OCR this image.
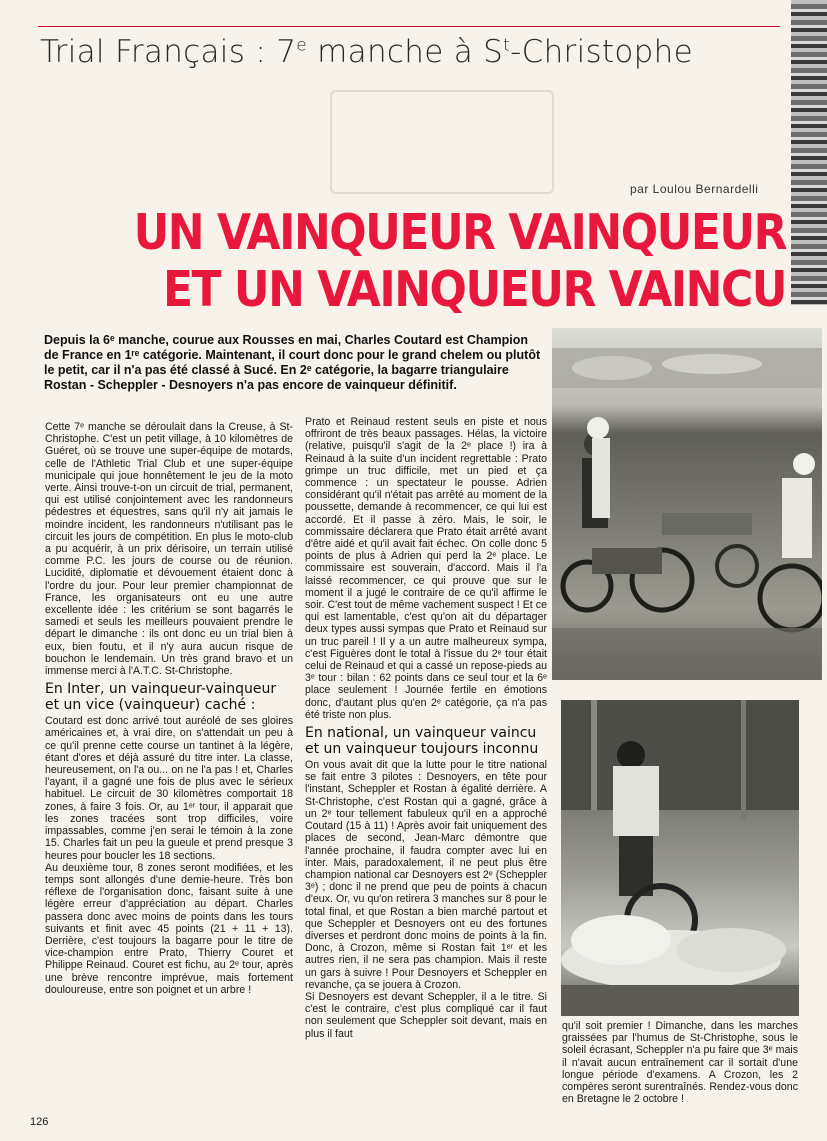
Trial Français : 7e manche à $S^t$-Christophe
par Loulou Bernardelli
UN VAINQUEUR VAINQUEUR
ET UN VAINQUEUR VAINCU
Depuis la 6ᵉ manche, courue aux Rousses en mai, Charles Coutard est Champion de France en 1ʳᵉ catégorie. Maintenant, il court donc pour le grand chelem ou plutôt le petit, car il n'a pas été classé à Sucé. En 2ᵉ catégorie, la bagarre triangulaire Rostan - Scheppler - Desnoyers n'a pas encore de vainqueur définitif.

Cette 7ᵉ manche se déroulait dans la Creuse, à St-Christophe. C'est un petit village, à 10 kilomètres de Guéret, où se trouve une super-équipe de motards, celle de l'Athletic Trial Club et une super-équipe municipale qui joue honnêtement le jeu de la moto verte. Ainsi trouve-t-on un circuit de trial, permanent, qui est utilisé conjointement avec les randonneurs pédestres et équestres, sans qu'il n'y ait jamais le moindre incident, les randonneurs n'utilisant pas le circuit les jours de compétition. En plus le moto-club a pu acquérir, à un prix dérisoire, un terrain utilisé comme P.C. les jours de course ou de réunion. Lucidité, diplomatie et dévouement étaient donc à l'ordre du jour. Pour leur premier championnat de France, les organisateurs ont eu une autre excellente idée : les critérium se sont bagarrés le samedi et seuls les meilleurs pouvaient prendre le départ le dimanche : ils ont donc eu un trial bien à eux, bien foutu, et il n'y aura aucun risque de bouchon le lendemain. Un très grand bravo et un immense merci à l'A.T.C. St-Christophe.

En Inter, un vainqueur-vainqueur et un vice (vainqueur) caché :

Coutard est donc arrivé tout auréolé de ses gloires américaines et, à vrai dire, on s'attendait un peu à ce qu'il prenne cette course un tantinet à la légère, étant d'ores et déjà assuré du titre inter. La classe, heureusement, on l'a ou... on ne l'a pas ! et, Charles l'ayant, il a gagné une fois de plus avec le sérieux habituel. Le circuit de 30 kilomètres comportait 18 zones, à faire 3 fois. Or, au 1ᵉʳ tour, il apparait que les zones tracées sont trop difficiles, voire impassables, comme j'en serai le témoin à la zone 15. Charles fait un peu la gueule et prend presque 3 heures pour boucler les 18 sections.

Au deuxième tour, 8 zones seront modifiées, et les temps sont allongés d'une demie-heure. Très bon réflexe de l'organisation donc, faisant suite à une légère erreur d'appréciation au départ. Charles passera donc avec moins de points dans les tours suivants et finit avec 45 points (21 + 11 + 13). Derrière, c'est toujours la bagarre pour le titre de vice-champion entre Prato, Thierry Couret et Philippe Reinaud. Couret est fichu, au 2ᵉ tour, après une brève rencontre imprévue, mais fortement douloureuse, entre son poignet et un arbre !

Prato et Reinaud restent seuls en piste et nous offriront de très beaux passages. Hélas, la victoire (relative, puisqu'il s'agit de la 2ᵉ place !) ira à Reinaud à la suite d'un incident regrettable : Prato grimpe un truc difficile, met un pied et ça commence : un spectateur le pousse. Adrien considérant qu'il n'était pas arrêté au moment de la poussette, demande à recommencer, ce qui lui est accordé. Et il passe à zéro. Mais, le soir, le commissaire déclarera que Prato était arrêté avant d'être aidé et qu'il avait fait échec. On colle donc 5 points de plus à Adrien qui perd la 2ᵉ place. Le commissaire est souverain, d'accord. Mais il l'a laissé recommencer, ce qui prouve que sur le moment il a jugé le contraire de ce qu'il affirme le soir. C'est tout de même vachement suspect ! Et ce qui est lamentable, c'est qu'on ait du départager deux types aussi sympas que Prato et Reinaud sur un truc pareil ! Il y a un autre malheureux sympa, c'est Figuères dont le total à l'issue du 2ᵉ tour était celui de Reinaud et qui a cassé un repose-pieds au 3ᵉ tour : bilan : 62 points dans ce seul tour et la 6ᵉ place seulement ! Journée fertile en émotions donc, d'autant plus qu'en 2ᵉ catégorie, ça n'a pas été triste non plus.

En national, un vainqueur vaincu et un vainqueur toujours inconnu

On vous avait dit que la lutte pour le titre national se fait entre 3 pilotes : Desnoyers, en tête pour l'instant, Scheppler et Rostan à égalité derrière. A St-Christophe, c'est Rostan qui a gagné, grâce à un 2ᵉ tour tellement fabuleux qu'il en a approché Coutard (15 à 11) ! Après avoir fait uniquement des places de second, Jean-Marc démontre que l'année prochaine, il faudra compter avec lui en inter. Mais, paradoxalement, il ne peut plus être champion national car Desnoyers est 2ᵉ (Scheppler 3ᵉ) ; donc il ne prend que peu de points à chacun d'eux. Or, vu qu'on retirera 3 manches sur 8 pour le total final, et que Rostan a bien marché partout et que Scheppler et Desnoyers ont eu des fortunes diverses et perdront donc moins de points à la fin. Donc, à Crozon, même si Rostan fait 1ᵉʳ et les autres rien, il ne sera pas champion. Mais il reste un gars à suivre ! Pour Desnoyers et Scheppler en revanche, ça se jouera à Crozon.

Si Desnoyers est devant Scheppler, il a le titre. Si c'est le contraire, c'est plus compliqué car il faut non seulement que Scheppler soit devant, mais en plus il faut

qu'il soit premier ! Dimanche, dans les marches graissées par l'humus de St-Christophe, sous le soleil écrasant, Scheppler n'a pu faire que 3ᵉ mais il n'avait aucun entraînement car il sortait d'une longue période d'examens. A Crozon, les 2 compères seront surentraînés. Rendez-vous donc en Bretagne le 2 octobre !

126
